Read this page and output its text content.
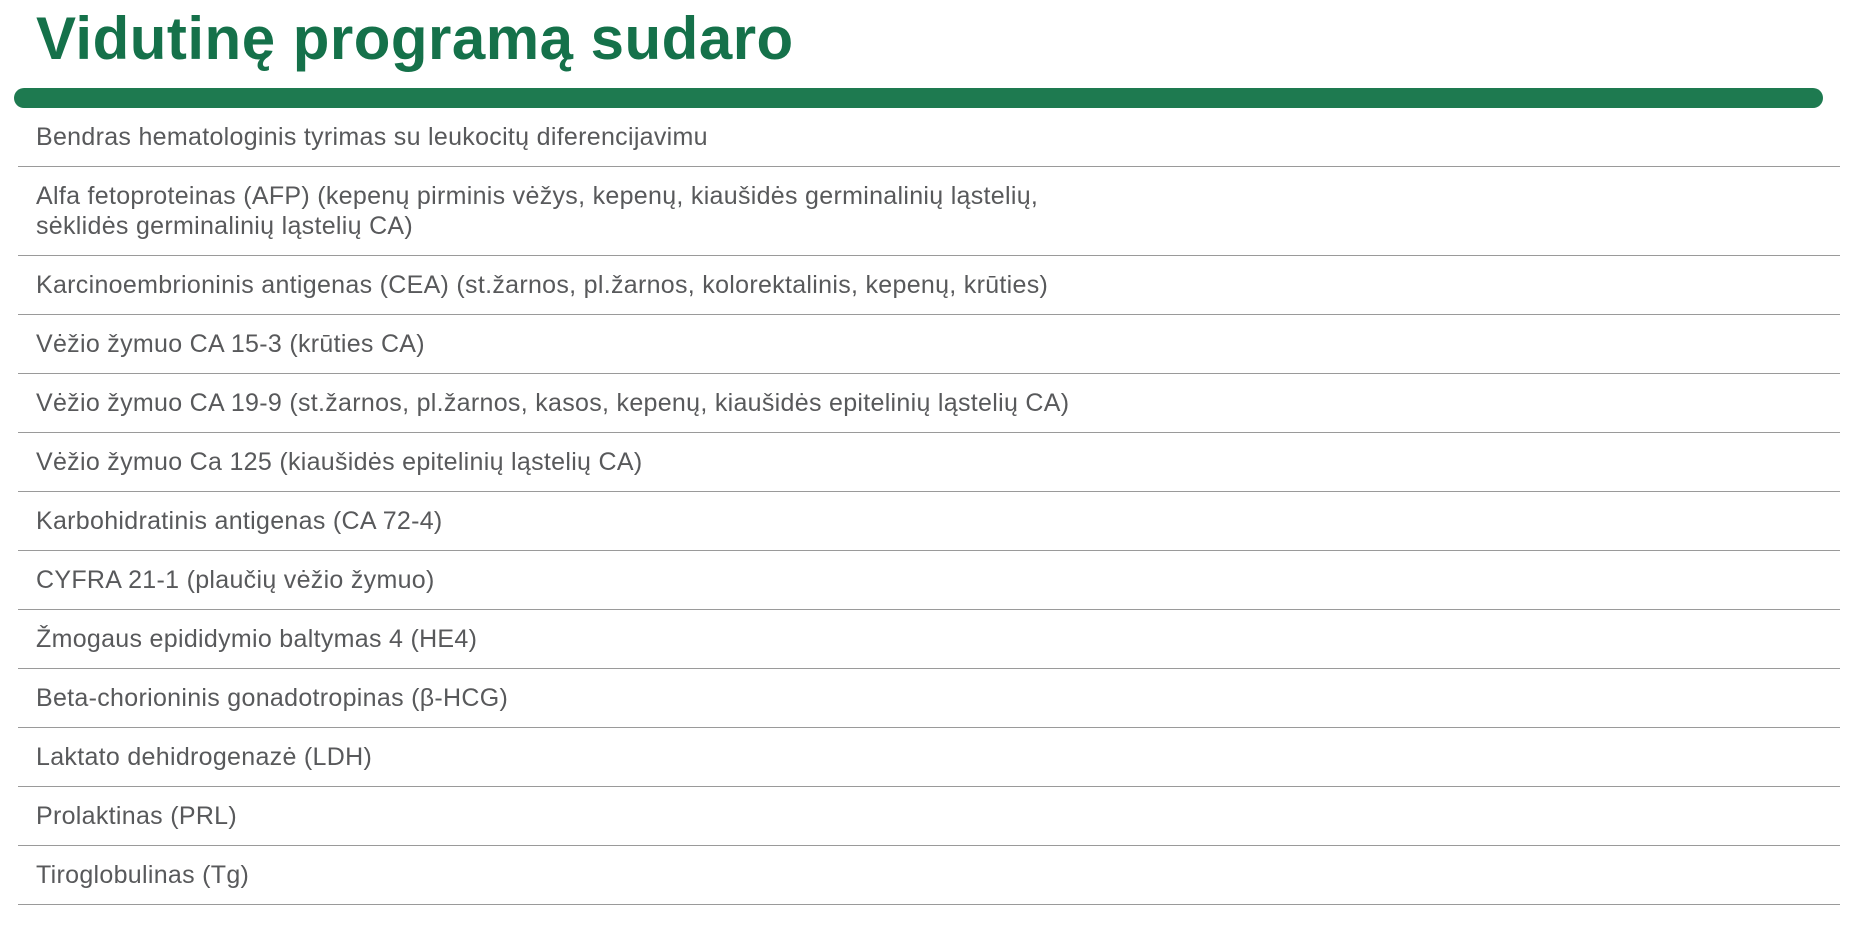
Vidutinę programą sudaro
Bendras hematologinis tyrimas su leukocitų diferencijavimu
Alfa fetoproteinas (AFP) (kepenų pirminis vėžys, kepenų, kiaušidės germinalinių ląstelių,
sėklidės germinalinių ląstelių CA)
Karcinoembrioninis antigenas (CEA) (st.žarnos, pl.žarnos, kolorektalinis, kepenų, krūties)
Vėžio žymuo CA 15-3 (krūties CA)
Vėžio žymuo CA 19-9 (st.žarnos, pl.žarnos, kasos, kepenų, kiaušidės epitelinių ląstelių CA)
Vėžio žymuo Ca 125 (kiaušidės epitelinių ląstelių CA)
Karbohidratinis antigenas (CA 72-4)
CYFRA 21-1 (plaučių vėžio žymuo)
Žmogaus epididymio baltymas 4 (HE4)
Beta-chorioninis gonadotropinas (β-HCG)
Laktato dehidrogenazė (LDH)
Prolaktinas (PRL)
Tiroglobulinas (Tg)
